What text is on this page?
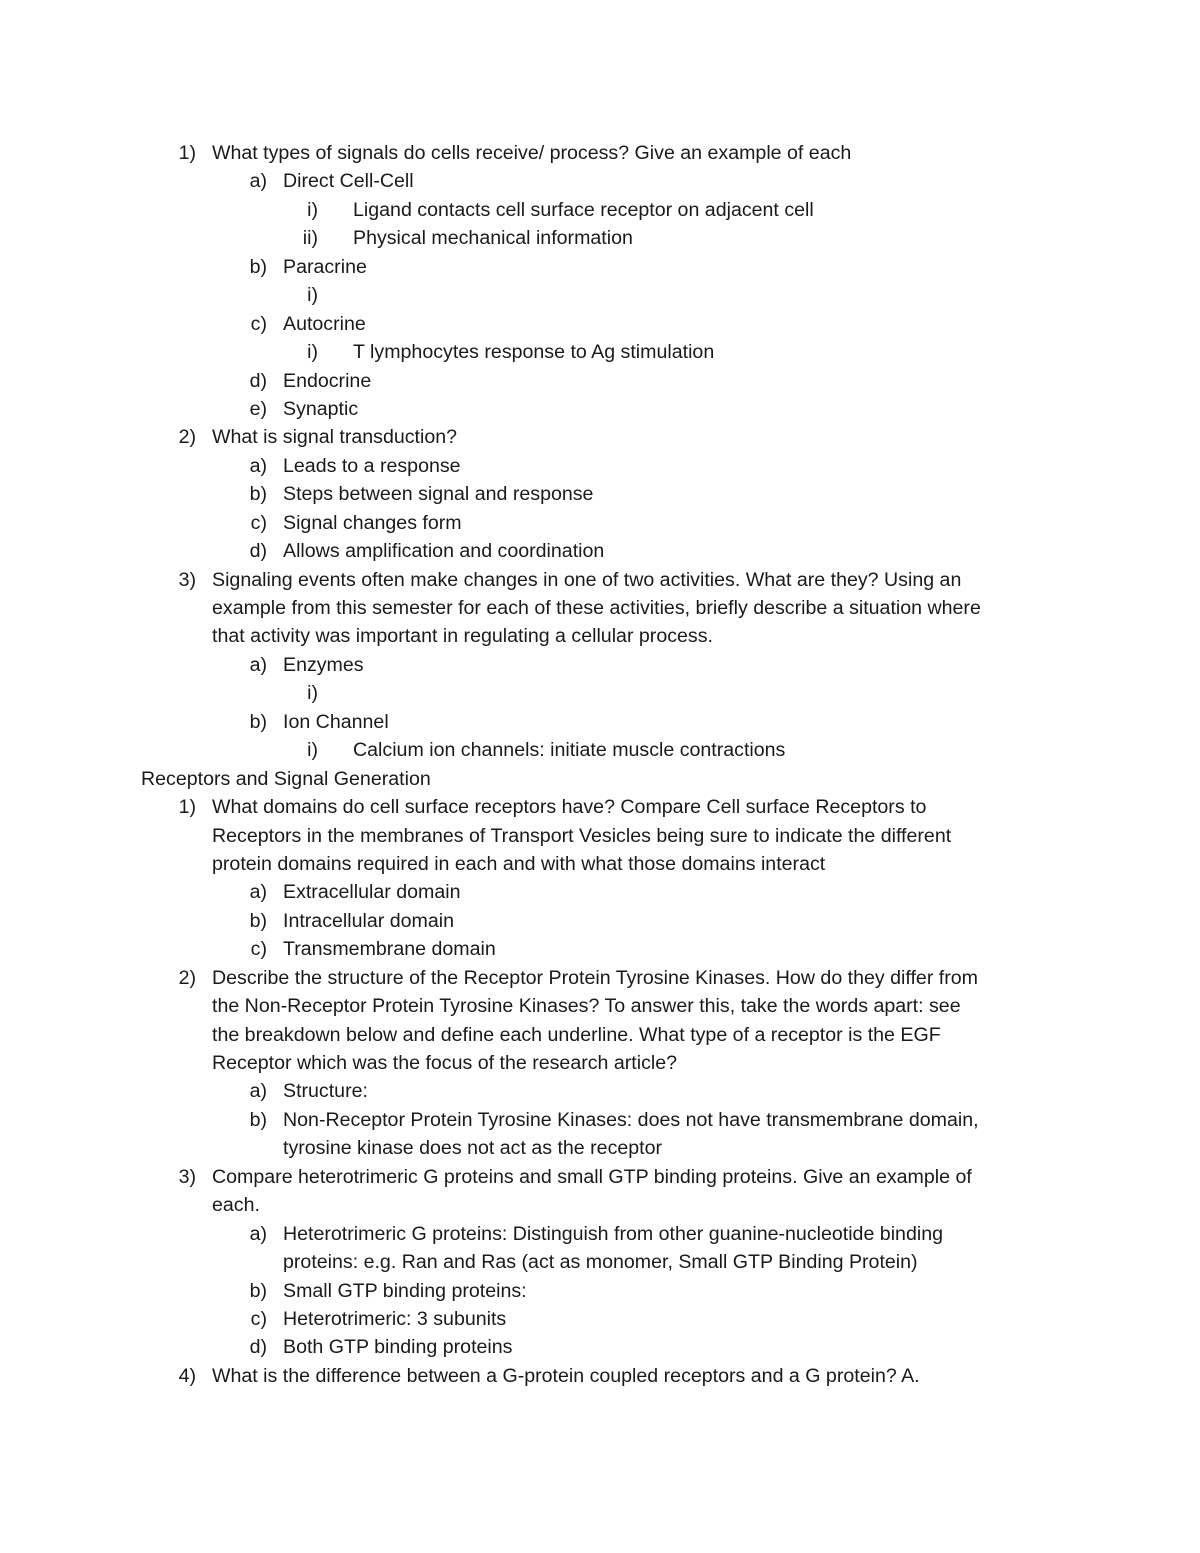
1) What types of signals do cells receive/ process? Give an example of each
a) Direct Cell-Cell
i) Ligand contacts cell surface receptor on adjacent cell
ii) Physical mechanical information
b) Paracrine
i)
c) Autocrine
i) T lymphocytes response to Ag stimulation
d) Endocrine
e) Synaptic
2) What is signal transduction?
a) Leads to a response
b) Steps between signal and response
c) Signal changes form
d) Allows amplification and coordination
3) Signaling events often make changes in one of two activities. What are they? Using an
example from this semester for each of these activities, briefly describe a situation where
that activity was important in regulating a cellular process.
a) Enzymes
i)
b) Ion Channel
i) Calcium ion channels: initiate muscle contractions
Receptors and Signal Generation
1) What domains do cell surface receptors have? Compare Cell surface Receptors to
Receptors in the membranes of Transport Vesicles being sure to indicate the different
protein domains required in each and with what those domains interact
a) Extracellular domain
b) Intracellular domain
c) Transmembrane domain
2) Describe the structure of the Receptor Protein Tyrosine Kinases. How do they differ from
the Non-Receptor Protein Tyrosine Kinases? To answer this, take the words apart: see
the breakdown below and define each underline. What type of a receptor is the EGF
Receptor which was the focus of the research article?
a) Structure:
b) Non-Receptor Protein Tyrosine Kinases: does not have transmembrane domain,
tyrosine kinase does not act as the receptor
3) Compare heterotrimeric G proteins and small GTP binding proteins. Give an example of
each.
a) Heterotrimeric G proteins: Distinguish from other guanine-nucleotide binding
proteins: e.g. Ran and Ras (act as monomer, Small GTP Binding Protein)
b) Small GTP binding proteins:
c) Heterotrimeric: 3 subunits
d) Both GTP binding proteins
4) What is the difference between a G-protein coupled receptors and a G protein? A.
